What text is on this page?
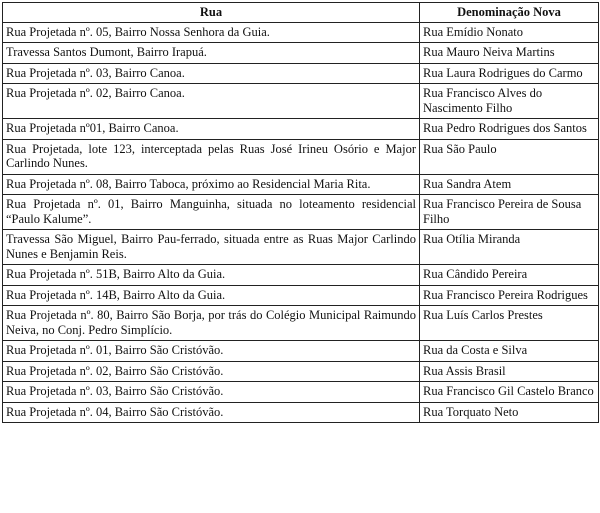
Rua	Denominação Nova
Rua Projetada nº. 05, Bairro Nossa Senhora da Guia.	Rua Emídio Nonato
Travessa Santos Dumont, Bairro Irapuá.	Rua Mauro Neiva Martins
Rua Projetada nº. 03, Bairro Canoa.	Rua Laura Rodrigues do Carmo
Rua Projetada nº. 02, Bairro Canoa.	Rua Francisco Alves do Nascimento Filho
Rua Projetada nº01, Bairro Canoa.	Rua Pedro Rodrigues dos Santos
Rua Projetada, lote 123, interceptada pelas Ruas José Irineu Osório e Major Carlindo Nunes.	Rua São Paulo
Rua Projetada nº. 08, Bairro Taboca, próximo ao Residencial Maria Rita.	Rua Sandra Atem
Rua Projetada nº. 01, Bairro Manguinha, situada no loteamento residencial “Paulo Kalume”.	Rua Francisco Pereira de Sousa Filho
Travessa São Miguel, Bairro Pau-ferrado, situada entre as Ruas Major Carlindo Nunes e Benjamin Reis.	Rua Otília Miranda
Rua Projetada nº. 51B, Bairro Alto da Guia.	Rua Cândido Pereira
Rua Projetada nº. 14B, Bairro Alto da Guia.	Rua Francisco Pereira Rodrigues
Rua Projetada nº. 80, Bairro São Borja, por trás do Colégio Municipal Raimundo Neiva, no Conj. Pedro Simplício.	Rua Luís Carlos Prestes
Rua Projetada nº. 01, Bairro São Cristóvão.	Rua da Costa e Silva
Rua Projetada nº. 02, Bairro São Cristóvão.	Rua Assis Brasil
Rua Projetada nº. 03, Bairro São Cristóvão.	Rua Francisco Gil Castelo Branco
Rua Projetada nº. 04, Bairro São Cristóvão.	Rua Torquato Neto
